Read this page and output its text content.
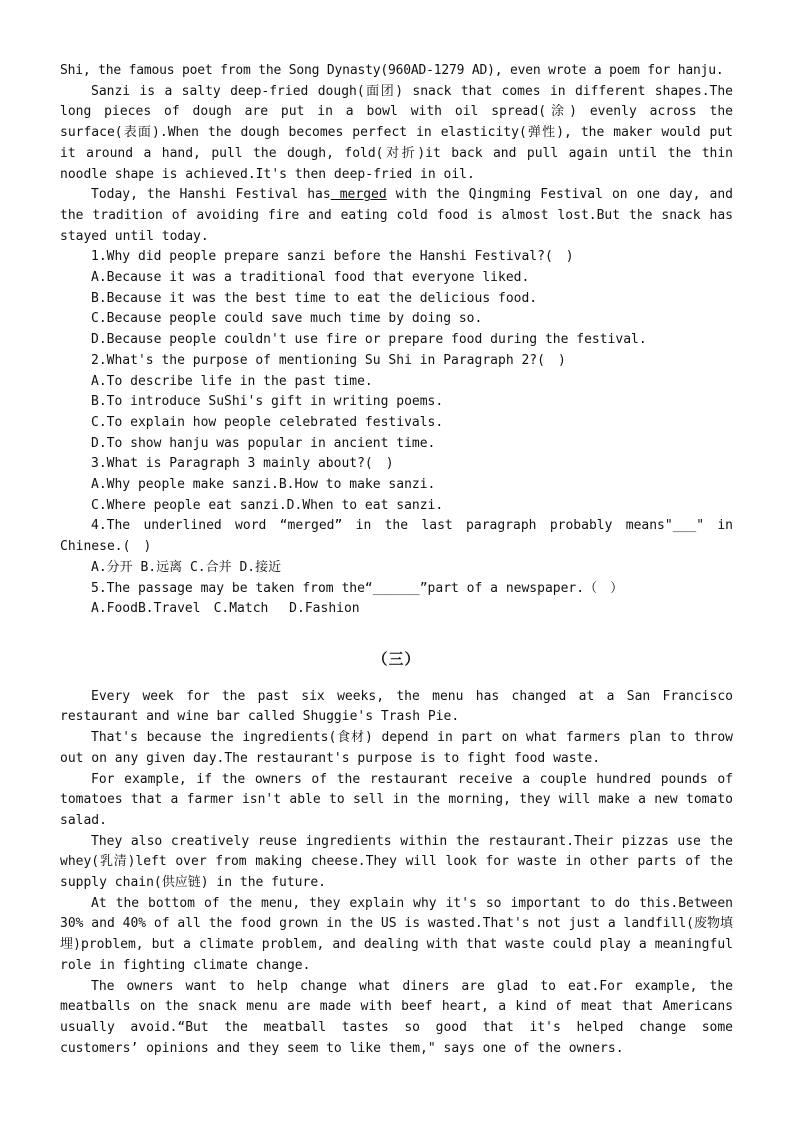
Shi, the famous poet from the Song Dynasty(960AD-1279 AD), even wrote a poem for hanju.

Sanzi is a salty deep-fried dough(面团) snack that comes in different shapes.The long pieces of dough are put in a bowl with oil spread(涂) evenly across the surface(表面).When the dough becomes perfect in elasticity(弹性), the maker would put it around a hand, pull the dough, fold(对折)it back and pull again until the thin noodle shape is achieved.It's then deep-fried in oil.

Today, the Hanshi Festival has merged with the Qingming Festival on one day, and the tradition of avoiding fire and eating cold food is almost lost.But the snack has stayed until today.

1.Why did people prepare sanzi before the Hanshi Festival?(　)

A.Because it was a traditional food that everyone liked.

B.Because it was the best time to eat the delicious food.

C.Because people could save much time by doing so.

D.Because people couldn't use fire or prepare food during the festival.

2.What's the purpose of mentioning Su Shi in Paragraph 2?(　)

A.To describe life in the past time.

B.To introduce SuShi's gift in writing poems.

C.To explain how people celebrated festivals.

D.To show hanju was popular in ancient time.

3.What is Paragraph 3 mainly about?(　)

A.Why people make sanzi.B.How to make sanzi.

C.Where people eat sanzi.D.When to eat sanzi.

4.The underlined word “merged” in the last paragraph probably means"___" in Chinese.(　)

A.分开 B.远离 C.合并 D.接近

5.The passage may be taken from the“______”part of a newspaper.（　）

A.FoodB.Travel　C.Match　 D.Fashion

（三）

Every week for the past six weeks, the menu has changed at a San Francisco restaurant and wine bar called Shuggie's Trash Pie.

That's because the ingredients(食材) depend in part on what farmers plan to throw out on any given day.The restaurant's purpose is to fight food waste.

For example, if the owners of the restaurant receive a couple hundred pounds of tomatoes that a farmer isn't able to sell in the morning, they will make a new tomato salad.

They also creatively reuse ingredients within the restaurant.Their pizzas use the whey(乳清)left over from making cheese.They will look for waste in other parts of the supply chain(供应链) in the future.

At the bottom of the menu, they explain why it's so important to do this.Between 30% and 40% of all the food grown in the US is wasted.That's not just a landfill(废物填埋)problem, but a climate problem, and dealing with that waste could play a meaningful role in fighting climate change.

The owners want to help change what diners are glad to eat.For example, the meatballs on the snack menu are made with beef heart, a kind of meat that Americans usually avoid.“But the meatball tastes so good that it's helped change some customers’ opinions and they seem to like them," says one of the owners.
